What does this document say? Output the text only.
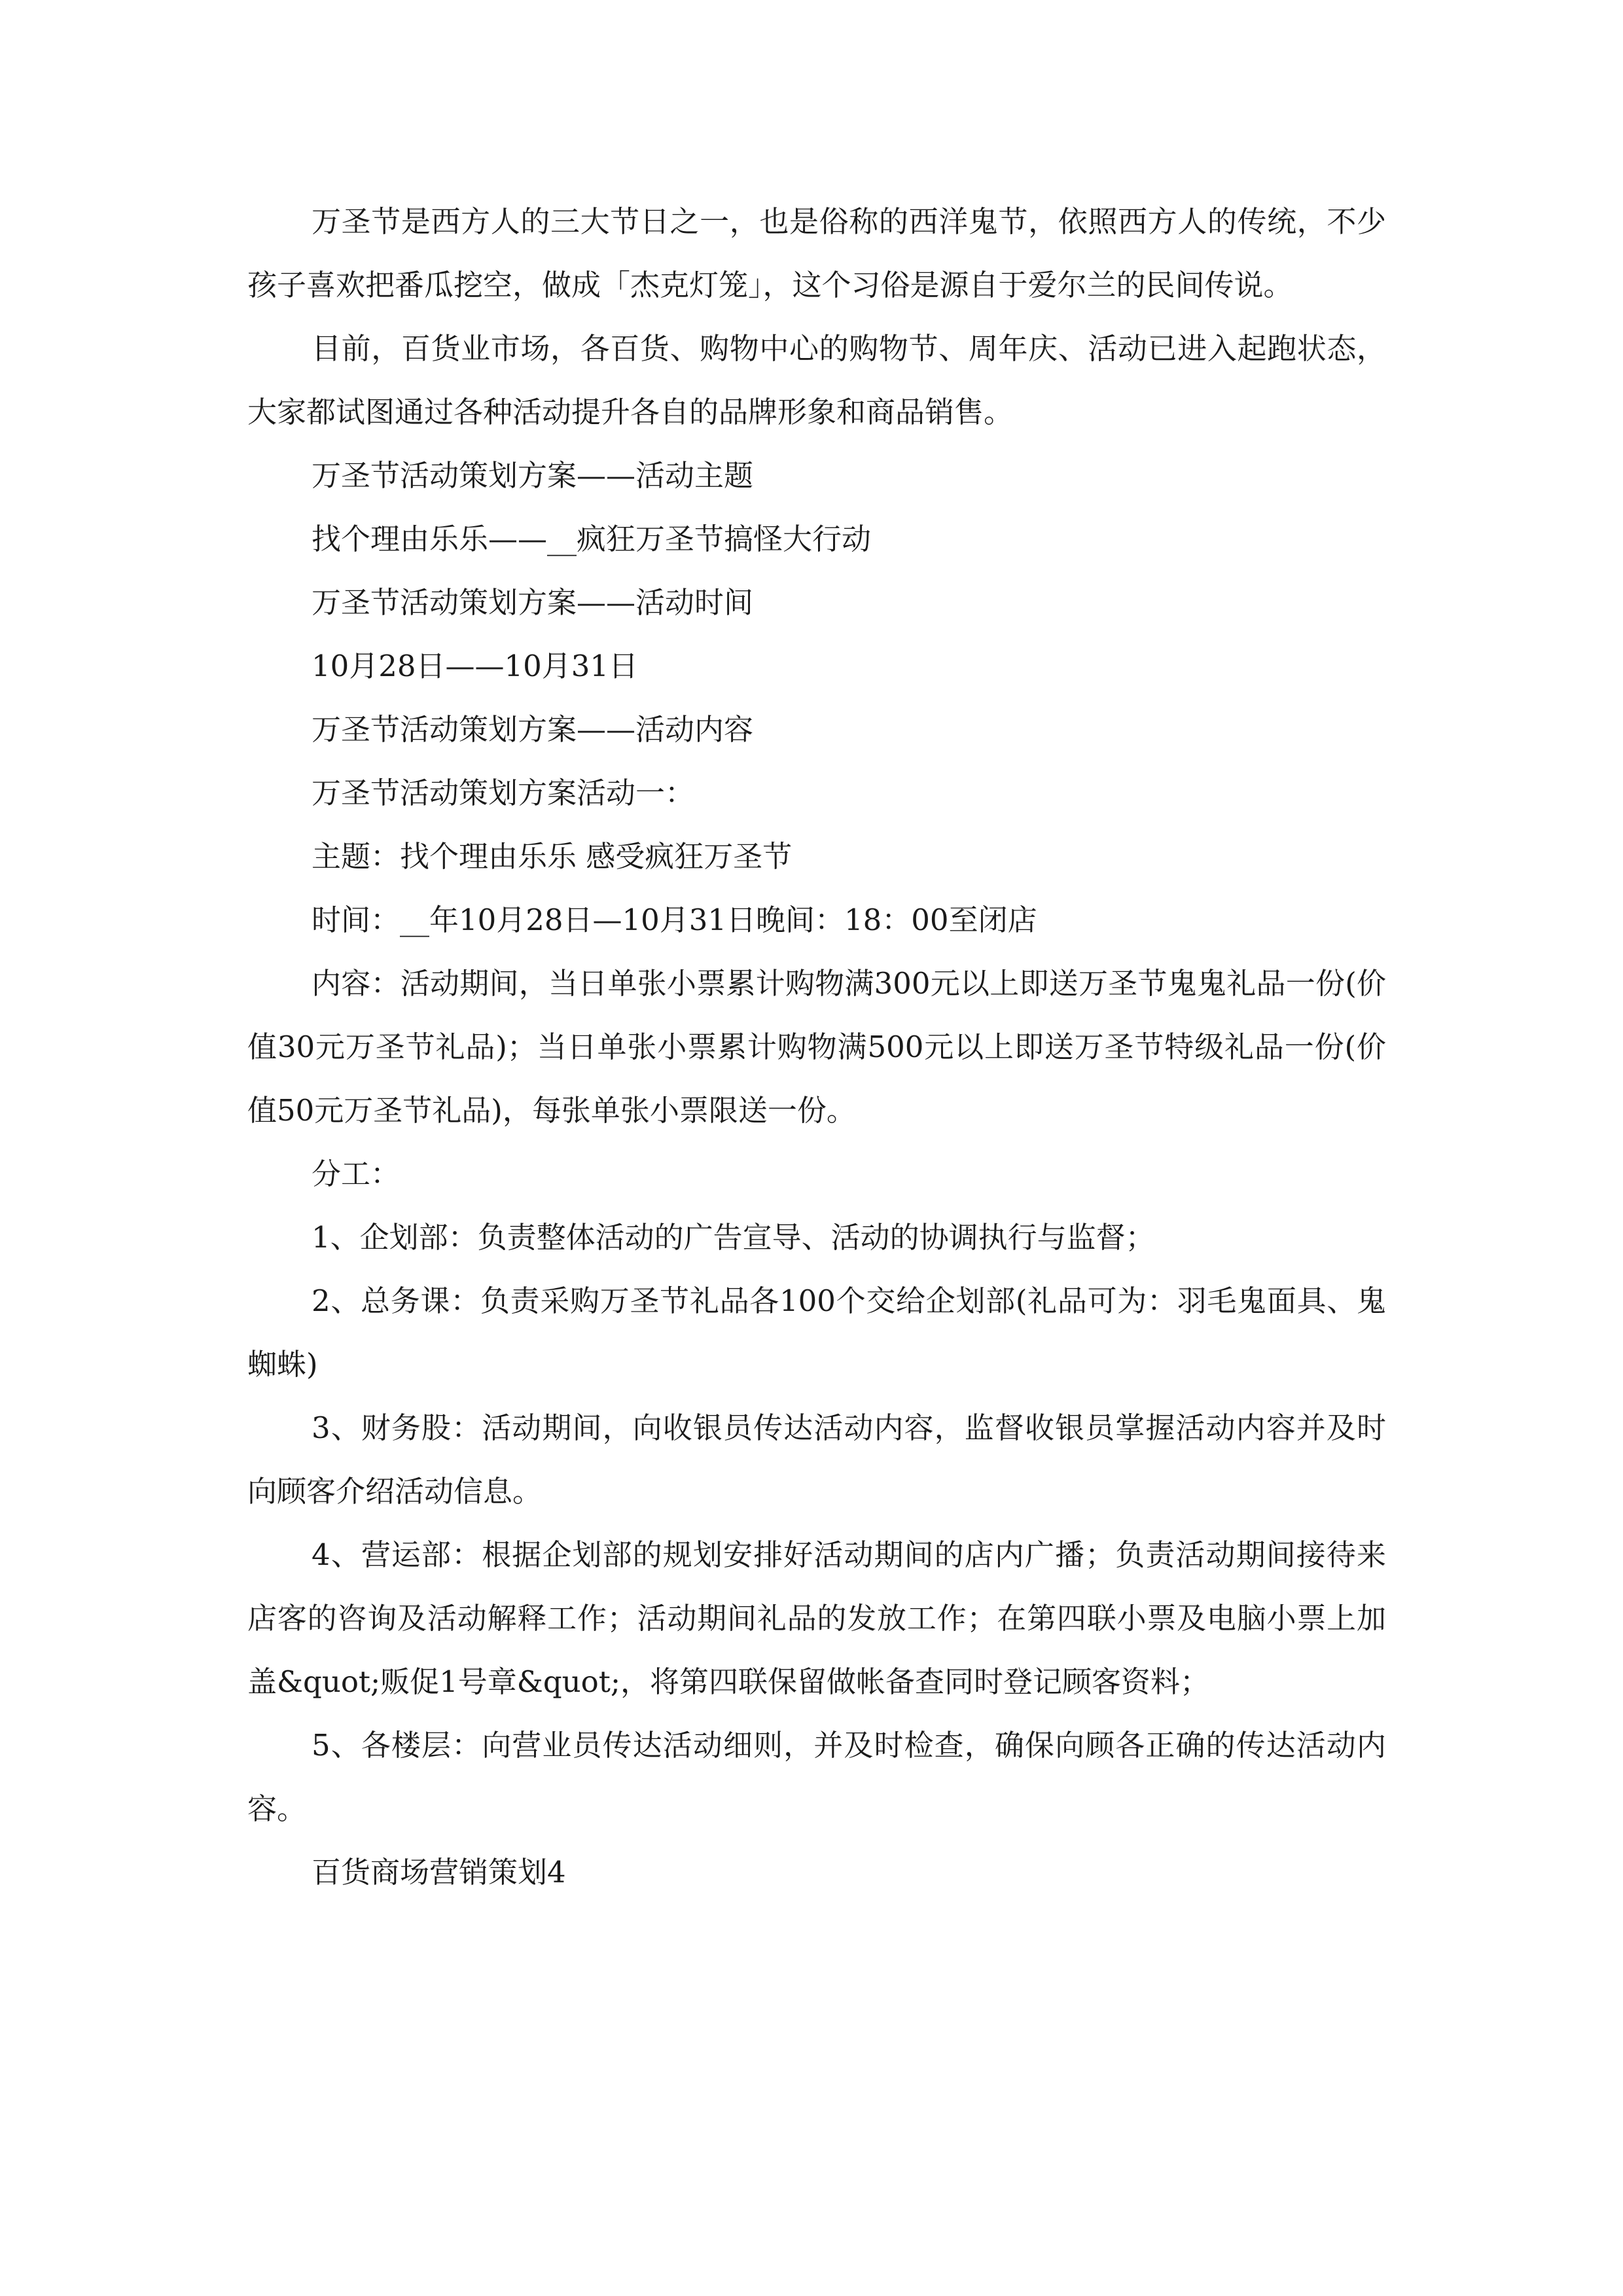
万圣节是西方人的三大节日之一，也是俗称的西洋鬼节，依照西方人的传统，不少孩子喜欢把番瓜挖空，做成「杰克灯笼」，这个习俗是源自于爱尔兰的民间传说。

目前，百货业市场，各百货、购物中心的购物节、周年庆、活动已进入起跑状态，大家都试图通过各种活动提升各自的品牌形象和商品销售。

万圣节活动策划方案——活动主题

找个理由乐乐——__疯狂万圣节搞怪大行动

万圣节活动策划方案——活动时间

10月28日——10月31日

万圣节活动策划方案——活动内容

万圣节活动策划方案活动一：

主题：找个理由乐乐 感受疯狂万圣节

时间：__年10月28日—10月31日晚间：18：00至闭店

内容：活动期间，当日单张小票累计购物满300元以上即送万圣节鬼鬼礼品一份(价值30元万圣节礼品)；当日单张小票累计购物满500元以上即送万圣节特级礼品一份(价值50元万圣节礼品)，每张单张小票限送一份。

分工：

1、企划部：负责整体活动的广告宣导、活动的协调执行与监督；

2、总务课：负责采购万圣节礼品各100个交给企划部(礼品可为：羽毛鬼面具、鬼蜘蛛)

3、财务股：活动期间，向收银员传达活动内容，监督收银员掌握活动内容并及时向顾客介绍活动信息。

4、营运部：根据企划部的规划安排好活动期间的店内广播；负责活动期间接待来店客的咨询及活动解释工作；活动期间礼品的发放工作；在第四联小票及电脑小票上加盖&quot;贩促1号章&quot;，将第四联保留做帐备查同时登记顾客资料；

5、各楼层：向营业员传达活动细则，并及时检查，确保向顾各正确的传达活动内容。

百货商场营销策划4
